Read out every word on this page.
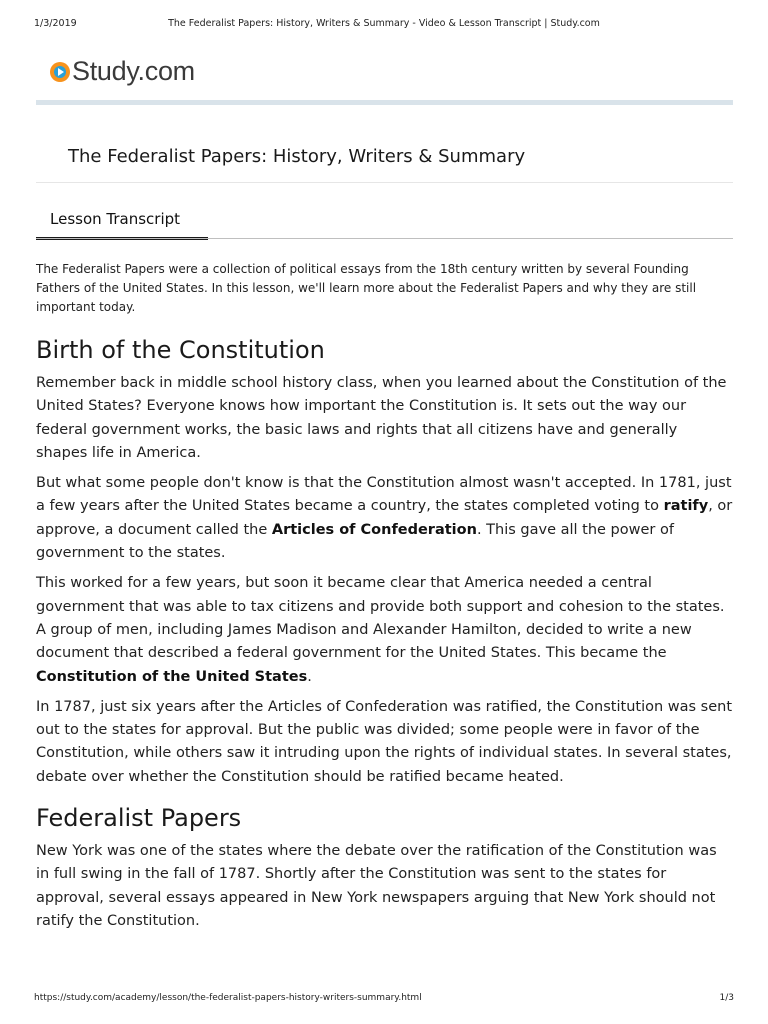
1/3/2019	The Federalist Papers: History, Writers & Summary - Video & Lesson Transcript | Study.com
Study.com
The Federalist Papers: History, Writers & Summary
Lesson Transcript

The Federalist Papers were a collection of political essays from the 18th century written by several Founding Fathers of the United States. In this lesson, we'll learn more about the Federalist Papers and why they are still important today.

Birth of the Constitution

Remember back in middle school history class, when you learned about the Constitution of the United States? Everyone knows how important the Constitution is. It sets out the way our federal government works, the basic laws and rights that all citizens have and generally shapes life in America.

But what some people don't know is that the Constitution almost wasn't accepted. In 1781, just a few years after the United States became a country, the states completed voting to ratify, or approve, a document called the Articles of Confederation. This gave all the power of government to the states.

This worked for a few years, but soon it became clear that America needed a central government that was able to tax citizens and provide both support and cohesion to the states. A group of men, including James Madison and Alexander Hamilton, decided to write a new document that described a federal government for the United States. This became the Constitution of the United States.

In 1787, just six years after the Articles of Confederation was ratified, the Constitution was sent out to the states for approval. But the public was divided; some people were in favor of the Constitution, while others saw it intruding upon the rights of individual states. In several states, debate over whether the Constitution should be ratified became heated.

Federalist Papers

New York was one of the states where the debate over the ratification of the Constitution was in full swing in the fall of 1787. Shortly after the Constitution was sent to the states for approval, several essays appeared in New York newspapers arguing that New York should not ratify the Constitution.

https://study.com/academy/lesson/the-federalist-papers-history-writers-summary.html	1/3
